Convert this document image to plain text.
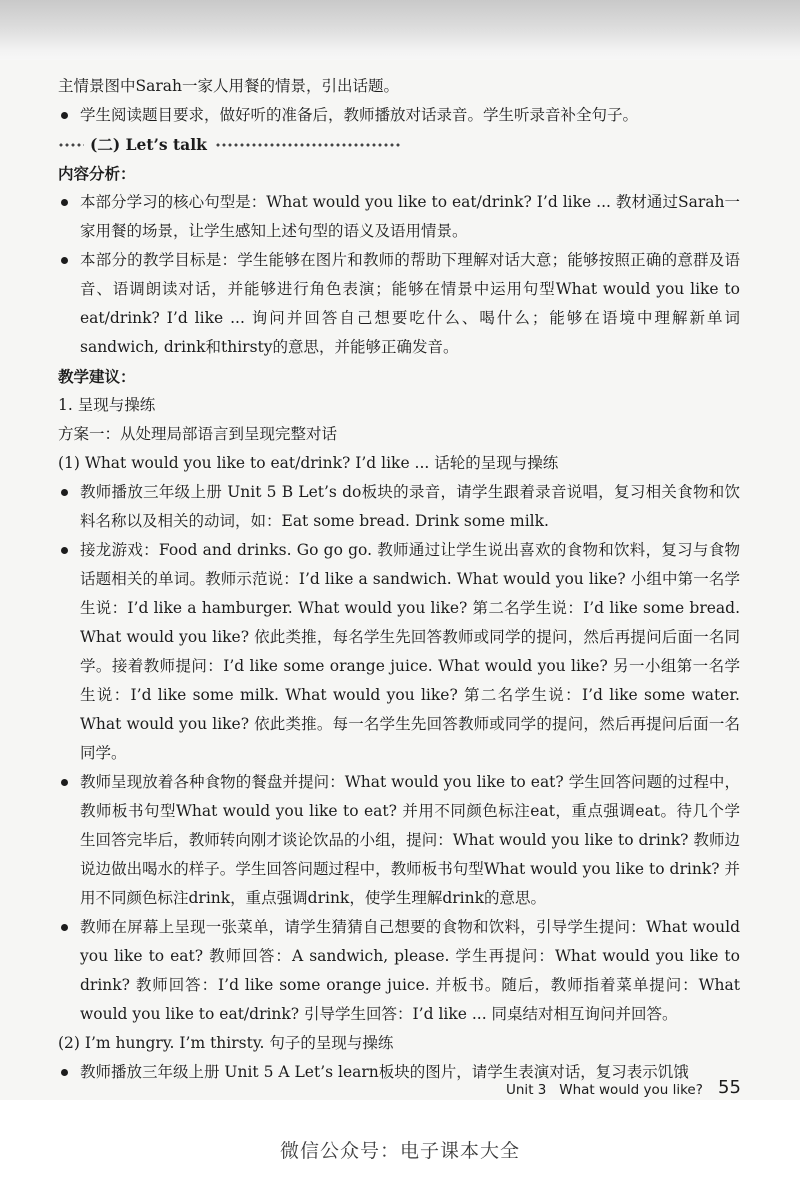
主情景图中Sarah一家人用餐的情景，引出话题。

学生阅读题目要求，做好听的准备后，教师播放对话录音。学生听录音补全句子。

(二) Let’s talk

内容分析：

本部分学习的核心句型是：What would you like to eat/drink? I’d like ... 教材通过Sarah一家用餐的场景，让学生感知上述句型的语义及语用情景。

本部分的教学目标是：学生能够在图片和教师的帮助下理解对话大意；能够按照正确的意群及语音、语调朗读对话，并能够进行角色表演；能够在情景中运用句型What would you like to eat/drink? I’d like ... 询问并回答自己想要吃什么、喝什么；能够在语境中理解新单词sandwich, drink和thirsty的意思，并能够正确发音。

教学建议：

1. 呈现与操练

方案一：从处理局部语言到呈现完整对话

(1) What would you like to eat/drink? I’d like ... 话轮的呈现与操练

教师播放三年级上册 Unit 5 B Let’s do板块的录音，请学生跟着录音说唱，复习相关食物和饮料名称以及相关的动词，如：Eat some bread. Drink some milk.

接龙游戏：Food and drinks. Go go go. 教师通过让学生说出喜欢的食物和饮料，复习与食物话题相关的单词。教师示范说：I’d like a sandwich. What would you like? 小组中第一名学生说：I’d like a hamburger. What would you like? 第二名学生说：I’d like some bread. What would you like? 依此类推，每名学生先回答教师或同学的提问，然后再提问后面一名同学。接着教师提问：I’d like some orange juice. What would you like? 另一小组第一名学生说：I’d like some milk. What would you like? 第二名学生说：I’d like some water. What would you like? 依此类推。每一名学生先回答教师或同学的提问，然后再提问后面一名同学。

教师呈现放着各种食物的餐盘并提问：What would you like to eat? 学生回答问题的过程中，教师板书句型What would you like to eat? 并用不同颜色标注eat，重点强调eat。待几个学生回答完毕后，教师转向刚才谈论饮品的小组，提问：What would you like to drink? 教师边说边做出喝水的样子。学生回答问题过程中，教师板书句型What would you like to drink? 并用不同颜色标注drink，重点强调drink，使学生理解drink的意思。

教师在屏幕上呈现一张菜单，请学生猜猜自己想要的食物和饮料，引导学生提问：What would you like to eat? 教师回答：A sandwich, please. 学生再提问：What would you like to drink? 教师回答：I’d like some orange juice. 并板书。随后，教师指着菜单提问：What would you like to eat/drink? 引导学生回答：I’d like ... 同桌结对相互询问并回答。

(2) I’m hungry. I’m thirsty. 句子的呈现与操练

教师播放三年级上册 Unit 5 A Let’s learn板块的图片，请学生表演对话，复习表示饥饿

Unit 3 What would you like? 55
微信公众号：电子课本大全
